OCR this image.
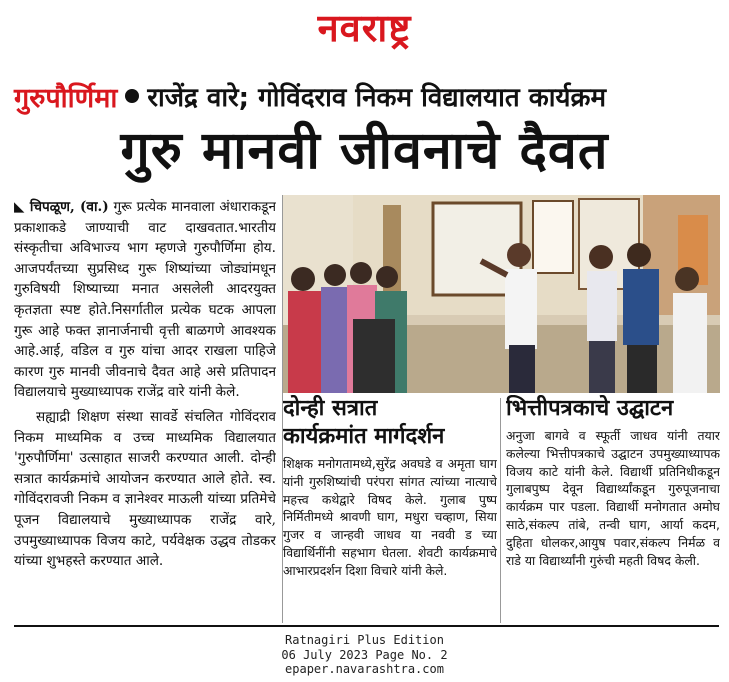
नवराष्ट्र
गुरुपौर्णिमा राजेंद्र वारे; गोविंदराव निकम विद्यालयात कार्यक्रम
गुरु मानवी जीवनाचे दैवत

◣ चिपळूण, (वा.) गुरू प्रत्येक मानवाला अंधाराकडून प्रकाशाकडे जाण्याची वाट दाखवतात.भारतीय संस्कृतीचा अविभाज्य भाग म्हणजे गुरुपौर्णिमा होय. आजपर्यंतच्या सुप्रसिध्द गुरू शिष्यांच्या जोड्यांमधून गुरुविषयी शिष्याच्या मनात असलेली आदरयुक्त कृतज्ञता स्पष्ट होते.निसर्गातील प्रत्येक घटक आपला गुरू आहे फक्त ज्ञानार्जनाची वृत्ती बाळगणे आवश्यक आहे.आई, वडिल व गुरु यांचा आदर राखला पाहिजे कारण गुरु मानवी जीवनाचे दैवत आहे असे प्रतिपादन विद्यालयाचे मुख्याध्यापक राजेंद्र वारे यांनी केले.

सह्याद्री शिक्षण संस्था सावर्डे संचलित गोविंदराव निकम माध्यमिक व उच्च माध्यमिक विद्यालयात 'गुरुपौर्णिमा' उत्साहात साजरी करण्यात आली. दोन्ही सत्रात कार्यक्रमांचे आयोजन करण्यात आले होते. स्व. गोविंदरावजी निकम व ज्ञानेश्वर माऊली यांच्या प्रतिमेचे पूजन विद्यालयाचे मुख्याध्यापक राजेंद्र वारे, उपमुख्याध्यापक विजय काटे, पर्यवेक्षक उद्धव तोडकर यांच्या शुभहस्ते करण्यात आले.

दोन्ही सत्रात
कार्यक्रमांत मार्गदर्शन

शिक्षक मनोगतामध्ये,सुरेंद्र अवघडे व अमृता घाग यांनी गुरुशिष्यांची परंपरा सांगत त्यांच्या नात्याचे महत्त्व कथेद्वारे विषद केले. गुलाब पुष्प निर्मितीमध्ये श्रावणी घाग, मधुरा चव्हाण, सिया गुजर व जान्हवी जाधव या नववी ड च्या विद्यार्थिनींनी सहभाग घेतला. शेवटी कार्यक्रमाचे आभारप्रदर्शन दिशा विचारे यांनी केले.

भित्तीपत्रकाचे उद्घाटन

अनुजा बागवे व स्फूर्ती जाधव यांनी तयार कलेल्या भित्तीपत्रकाचे उद्घाटन उपमुख्याध्यापक विजय काटे यांनी केले. विद्यार्थी प्रतिनिधीकडून गुलाबपुष्प देवून विद्यार्थ्यांकडून गुरुपूजनाचा कार्यक्रम पार पडला. विद्यार्थी मनोगतात अमोघ साठे,संकल्प तांबे, तन्वी घाग, आर्या कदम, दुहिता धोलकर,आयुष पवार,संकल्प निर्मळ व राडे या विद्यार्थ्यांनी गुरुंची महती विषद केली.

Ratnagiri Plus Edition
06 July 2023 Page No. 2
epaper.navarashtra.com
